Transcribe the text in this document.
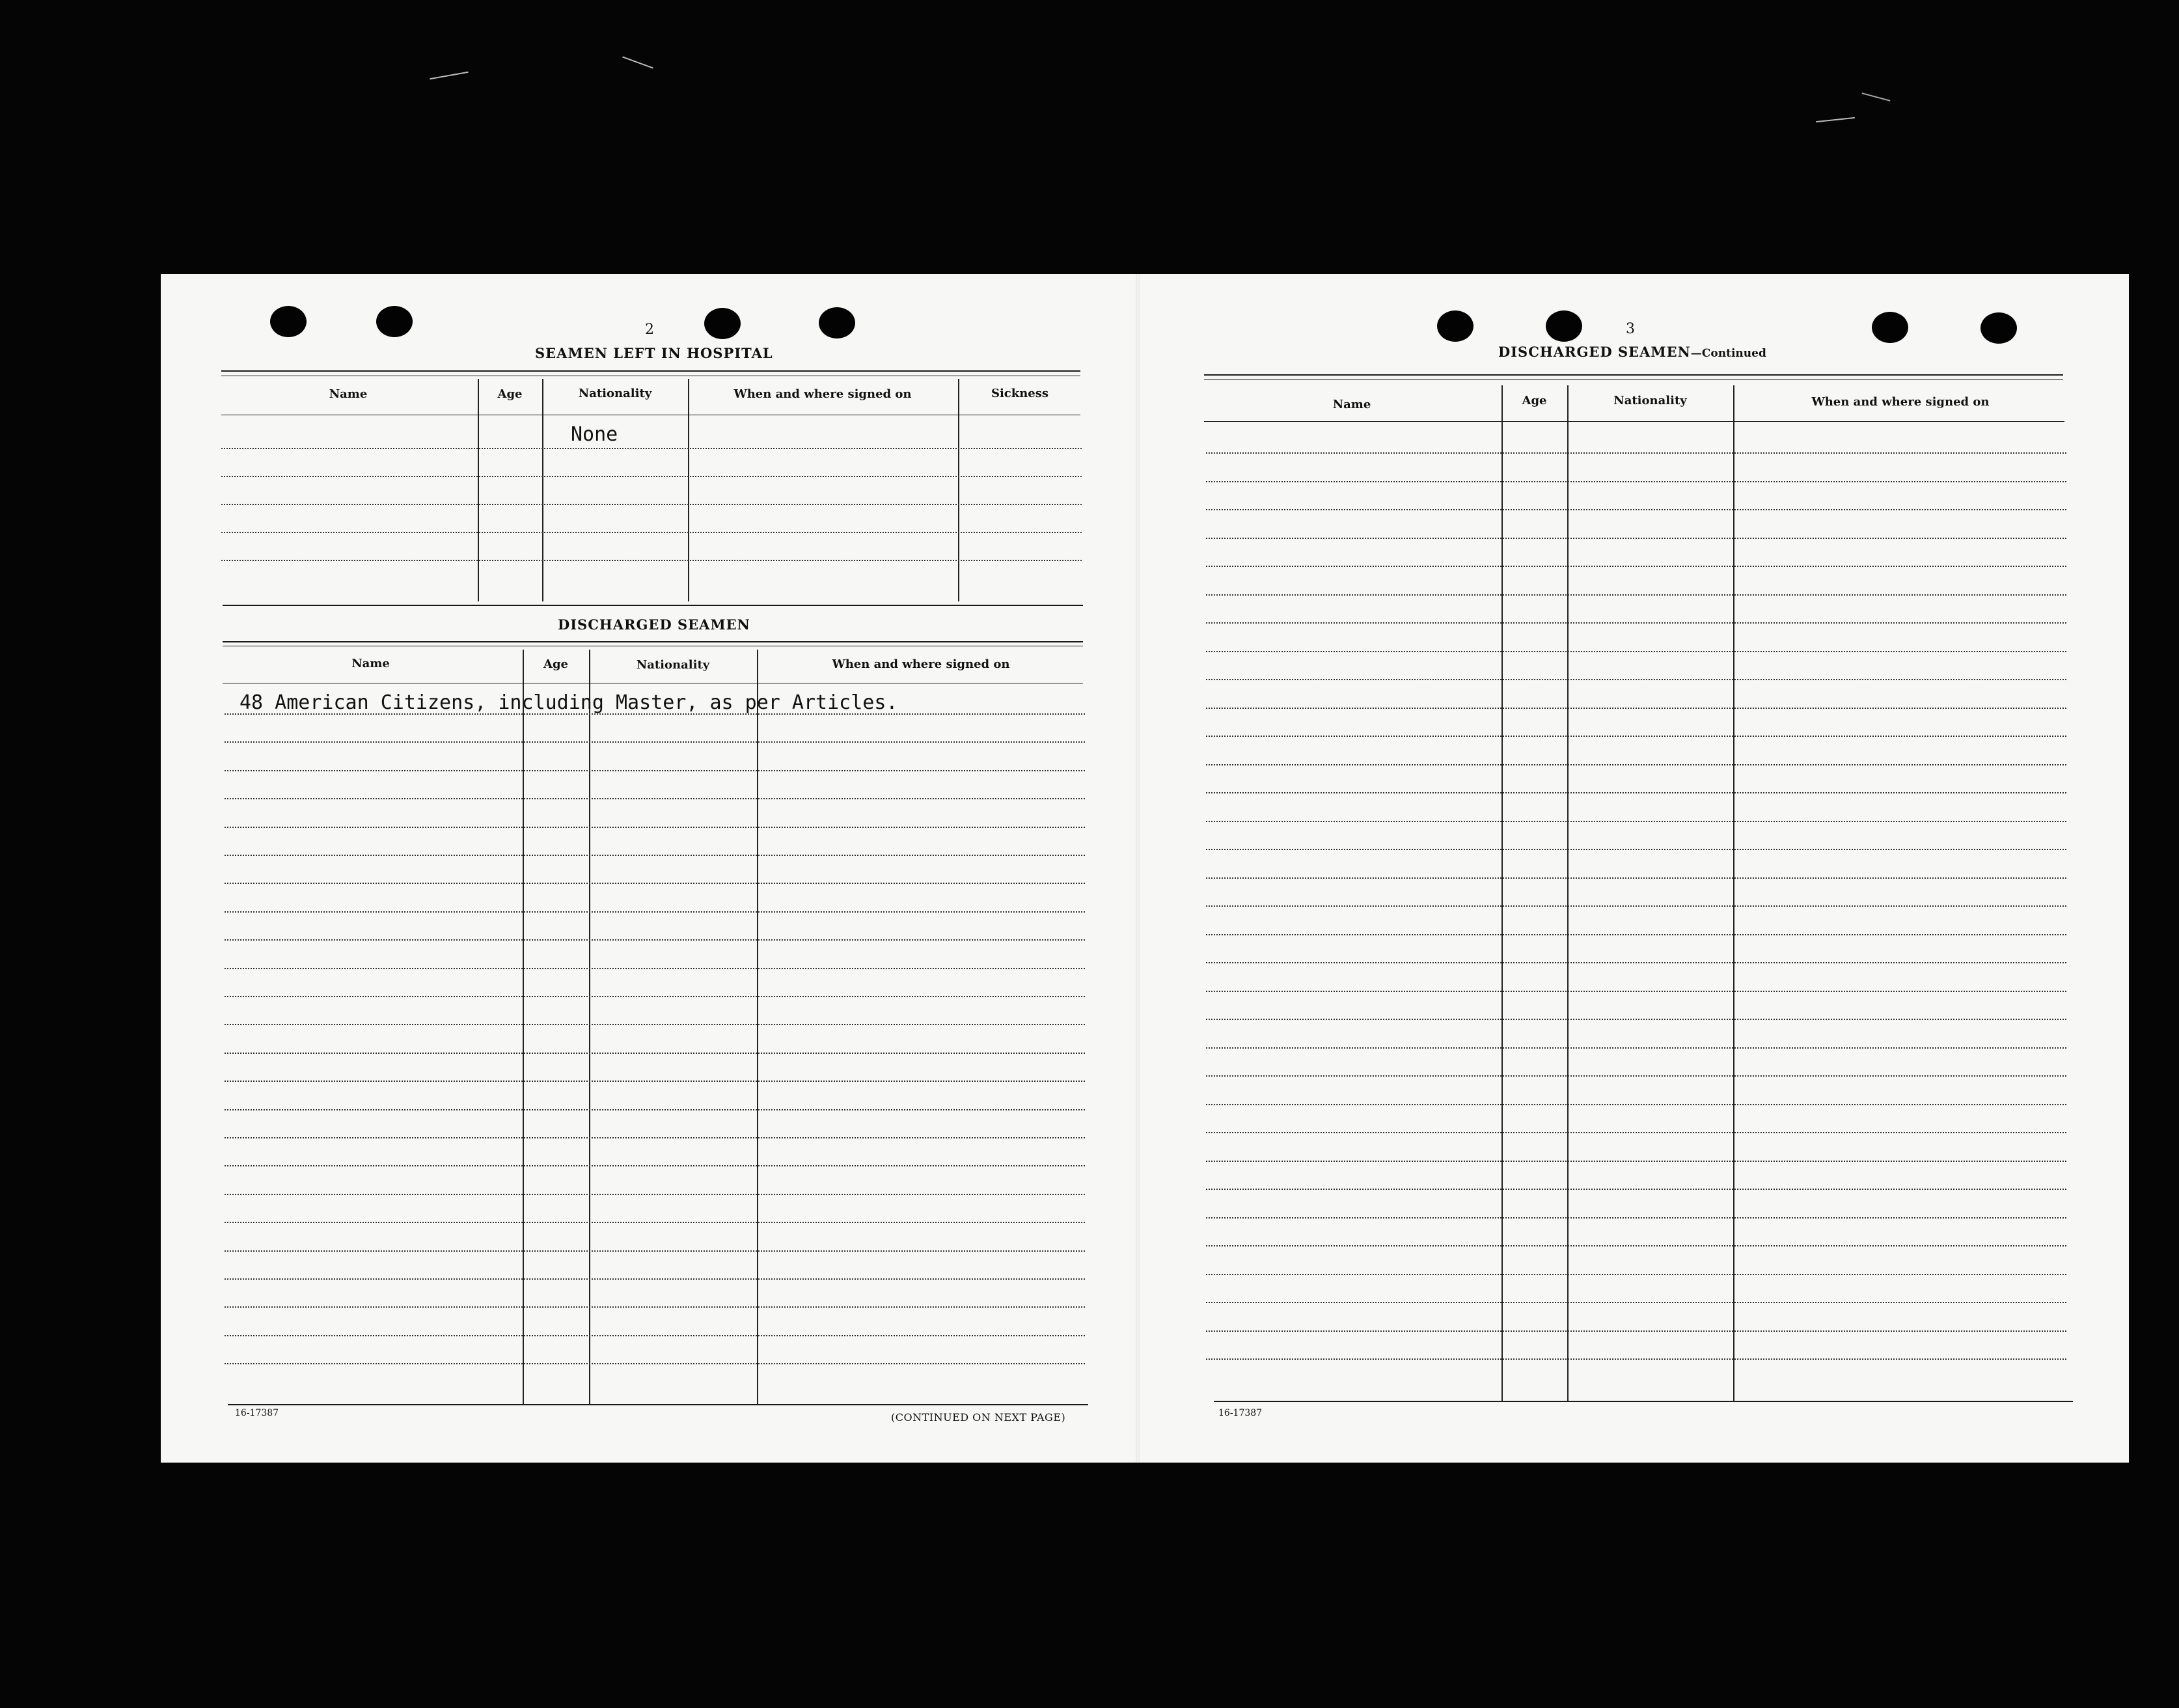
2
SEAMEN LEFT IN HOSPITAL
Name	Age	Nationality	When and where signed on	Sickness
None
DISCHARGED SEAMEN
Name	Age	Nationality	When and where signed on
48 American Citizens, including Master, as per Articles.
16-17387	(CONTINUED ON NEXT PAGE)
3
DISCHARGED SEAMEN—Continued
Name	Age	Nationality	When and where signed on
16-17387
